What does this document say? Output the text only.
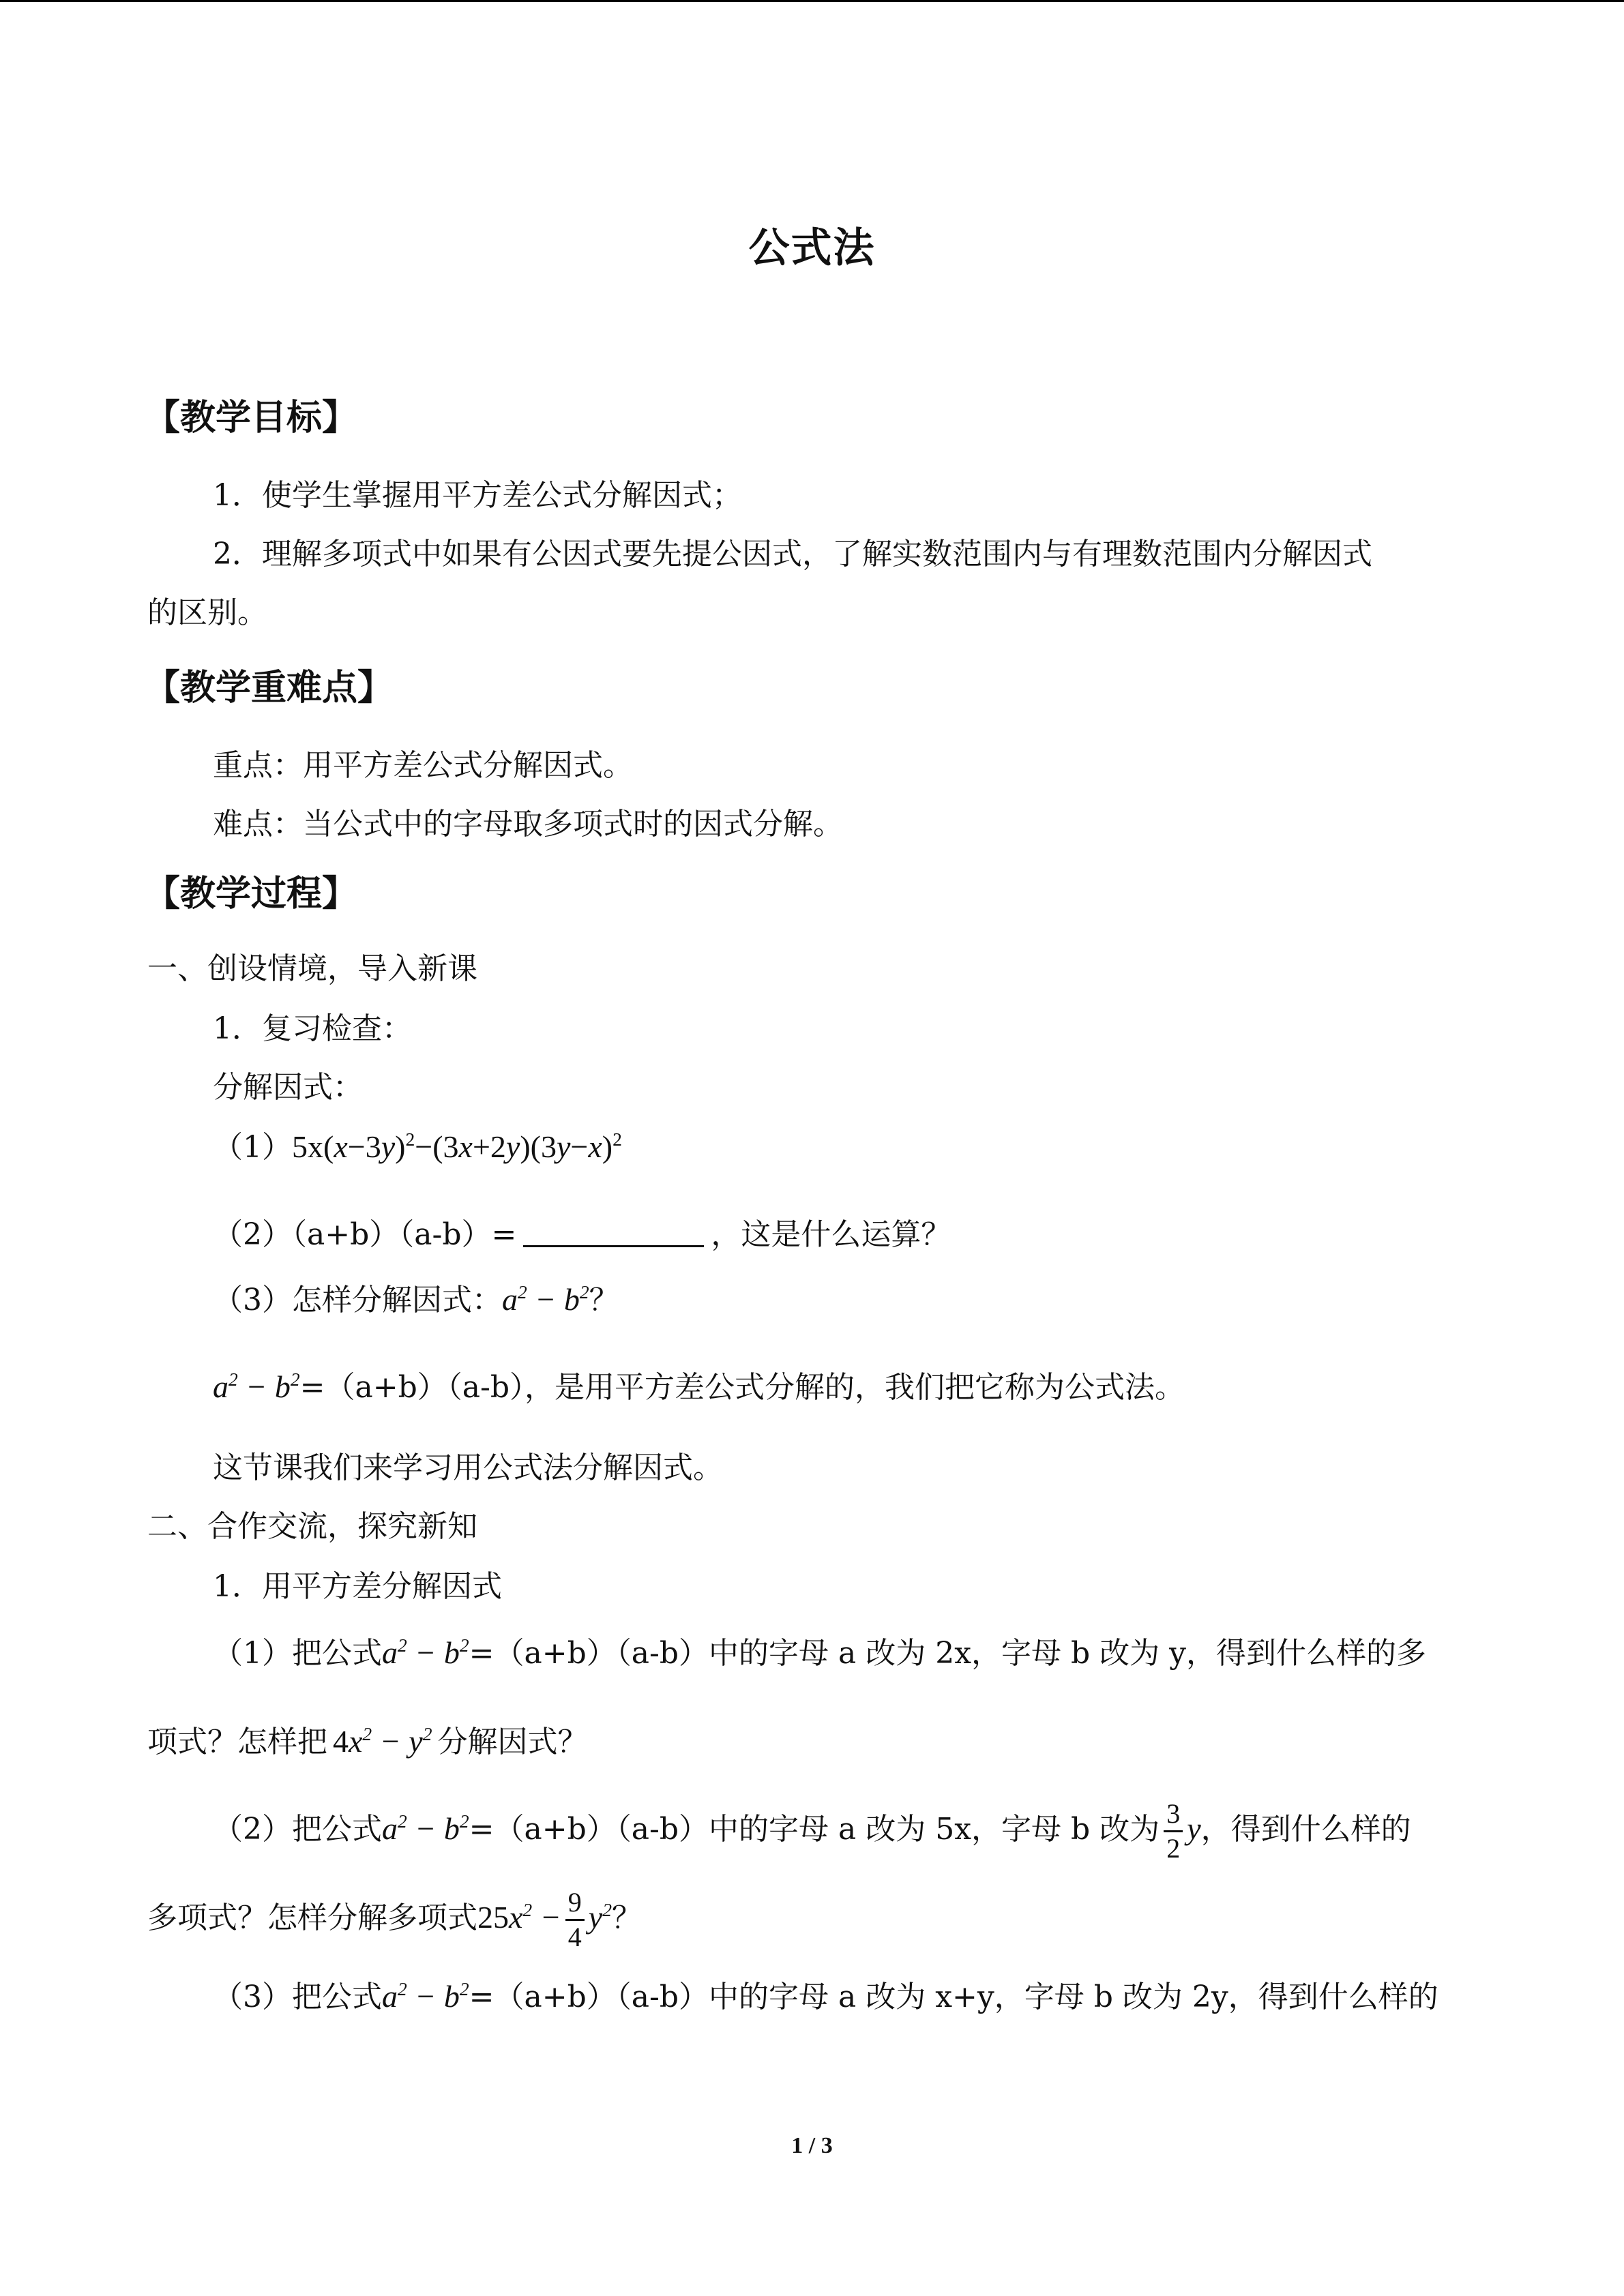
公式法
【教学目标】
1．使学生掌握用平方差公式分解因式；
2．理解多项式中如果有公因式要先提公因式，了解实数范围内与有理数范围内分解因式
的区别。
【教学重难点】
重点：用平方差公式分解因式。
难点：当公式中的字母取多项式时的因式分解。
【教学过程】
一、创设情境，导入新课
1．复习检查：
分解因式：
$(1)5x(x-3y)^2-(3x+2y)(3y-x)^2$
（2）（a+b）（a-b）=	，这是什么运算？
（3）怎样分解因式：$a^2 - b^2$？
$a^2 - b^2=(a+b)(a-b)$，是用平方差公式分解的，我们把它称为公式法。
这节课我们来学习用公式法分解因式。
二、合作交流，探究新知
1．用平方差分解因式
（1）把公式$a^2 - b^2=(a+b)(a-b)$中的字母 a 改为 2x，字母 b 改为 y，得到什么样的多
项式？怎样把 $4x^2 - y^2$ 分解因式？
（2）把公式$a^2 - b^2=(a+b)(a-b)$中的字母 a 改为 5x，字母 b 改为 $\frac{3}{2}$ y，得到什么样的
多项式？怎样分解多项式$25x^2 - \frac{9}{4} y^2$？
（3）把公式$a^2 - b^2=(a+b)(a-b)$中的字母 a 改为 x+y，字母 b 改为 2y，得到什么样的
1 / 3
